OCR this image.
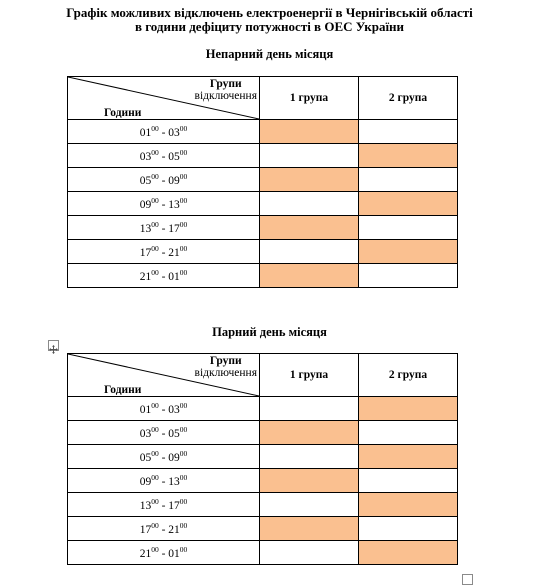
Графік можливих відключень електроенергії в Чернігівській області
в години дефіциту потужності в ОЕС України
Непарний день місяця
Групи
відключення
Години	1 група	2 група
$01^{00} - 03^{00}$		
$03^{00} - 05^{00}$		
$05^{00} - 09^{00}$		
$09^{00} - 13^{00}$		
$13^{00} - 17^{00}$		
$17^{00} - 21^{00}$		
$21^{00} - 01^{00}$		
Парний день місяця
Групи
відключення
Години	1 група	2 група
$01^{00} - 03^{00}$		
$03^{00} - 05^{00}$		
$05^{00} - 09^{00}$		
$09^{00} - 13^{00}$		
$13^{00} - 17^{00}$		
$17^{00} - 21^{00}$		
$21^{00} - 01^{00}$		
